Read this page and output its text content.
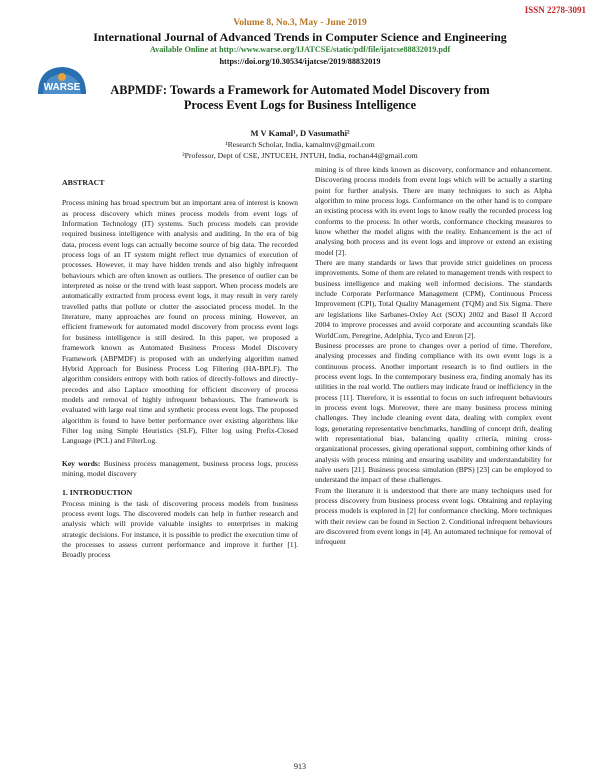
ISSN 2278-3091
Volume 8, No.3, May - June 2019
International Journal of Advanced Trends in Computer Science and Engineering
Available Online at http://www.warse.org/IJATCSE/static/pdf/file/ijatcse88832019.pdf
https://doi.org/10.30534/ijatcse/2019/88832019
WARSE ABPMDF: Towards a Framework for Automated Model Discovery from Process Event Logs for Business Intelligence
M V Kamal¹, D Vasumathi²
¹Research Scholar, India, kamalmv@gmail.com
²Professor, Dept of CSE, JNTUCEH, JNTUH, India, rochan44@gmail.com

ABSTRACT

Process mining has broad spectrum but an important area of interest is known as process discovery which mines process models from event logs of Information Technology (IT) systems. Such process models can provide required business intelligence with analysis and auditing. In the era of big data, process event logs can actually become source of big data. The recorded process logs of an IT system might reflect true dynamics of execution of processes. However, it may have hidden trends and also highly infrequent behaviours which are often known as outliers. The presence of outlier can be interpreted as noise or the trend with least support. When process models are automatically extracted from process event logs, it may result in very rarely travelled paths that pollute or clutter the associated process model. In the literature, many approaches are found on process mining. However, an efficient framework for automated model discovery from process event logs for business intelligence is still desired. In this paper, we proposed a framework known as Automated Business Process Model Discovery Framework (ABPMDF) is proposed with an underlying algorithm named Hybrid Approach for Business Process Log Filtering (HA-BPLF). The algorithm considers entropy with both ratios of directly-follows and directly-precedes and also Laplace smoothing for efficient discovery of process models and removal of highly infrequent behaviours. The framework is evaluated with large real time and synthetic process event logs. The proposed algorithm is found to have better performance over existing algorithms like Filter log using Simple Heuristics (SLF), Filter log using Prefix-Closed Language (PCL) and FilterLog.

Key words: Business process management, business process logs, process mining, model discovery

1. INTRODUCTION

Process mining is the task of discovering process models from business process event logs. The discovered models can help in further research and analysis which will provide valuable insights to enterprises in making strategic decisions. For instance, it is possible to predict the execution time of the processes to assess current performance and improve it further [1]. Broadly process

mining is of three kinds known as discovery, conformance and enhancement. Discovering process models from event logs which will be actually a starting point for further analysis. There are many techniques to such as Alpha algorithm to mine process logs. Conformance on the other hand is to compare an existing process with its event logs to know really the recorded process log conforms to the process. In other words, conformance checking measures to know whether the model aligns with the reality. Enhancement is the act of analysing both process and its event logs and improve or extend an existing model [2].

There are many standards or laws that provide strict guidelines on process improvements. Some of them are related to management trends with respect to business intelligence and making well informed decisions. The standards include Corporate Performance Management (CPM), Continuous Process Improvement (CPI), Total Quality Management (TQM) and Six Sigma. There are legislations like Sarbanes-Oxley Act (SOX) 2002 and Basel II Accord 2004 to improve processes and avoid corporate and accounting scandals like WorldCom, Peregrine, Adelphia, Tyco and Enron [2].

Business processes are prone to changes over a period of time. Therefore, analysing processes and finding compliance with its own event logs is a continuous process. Another important research is to find outliers in the process event logs. In the contemporary business era, finding anomaly has its utilities in the real world. The outliers may indicate fraud or inefficiency in the process [11]. Therefore, it is essential to focus on such infrequent behaviours in process event logs. Moreover, there are many business process mining challenges. They include cleaning event data, dealing with complex event logs, generating representative benchmarks, handling of concept drift, dealing with representational bias, balancing quality criteria, mining cross-organizational processes, giving operational support, combining other kinds of analysis with process mining and ensuring usability and understandability for naïve users [21]. Business process simulation (BPS) [23] can be employed to understand the impact of these challenges.

From the literature it is understood that there are many techniques used for process discovery from business process event logs. Obtaining and replaying process models is explored in [2] for conformance checking. More techniques with their review can be found in Section 2. Conditional infrequent behaviours are discovered from event longs in [4]. An automated technique for removal of infrequent

913
